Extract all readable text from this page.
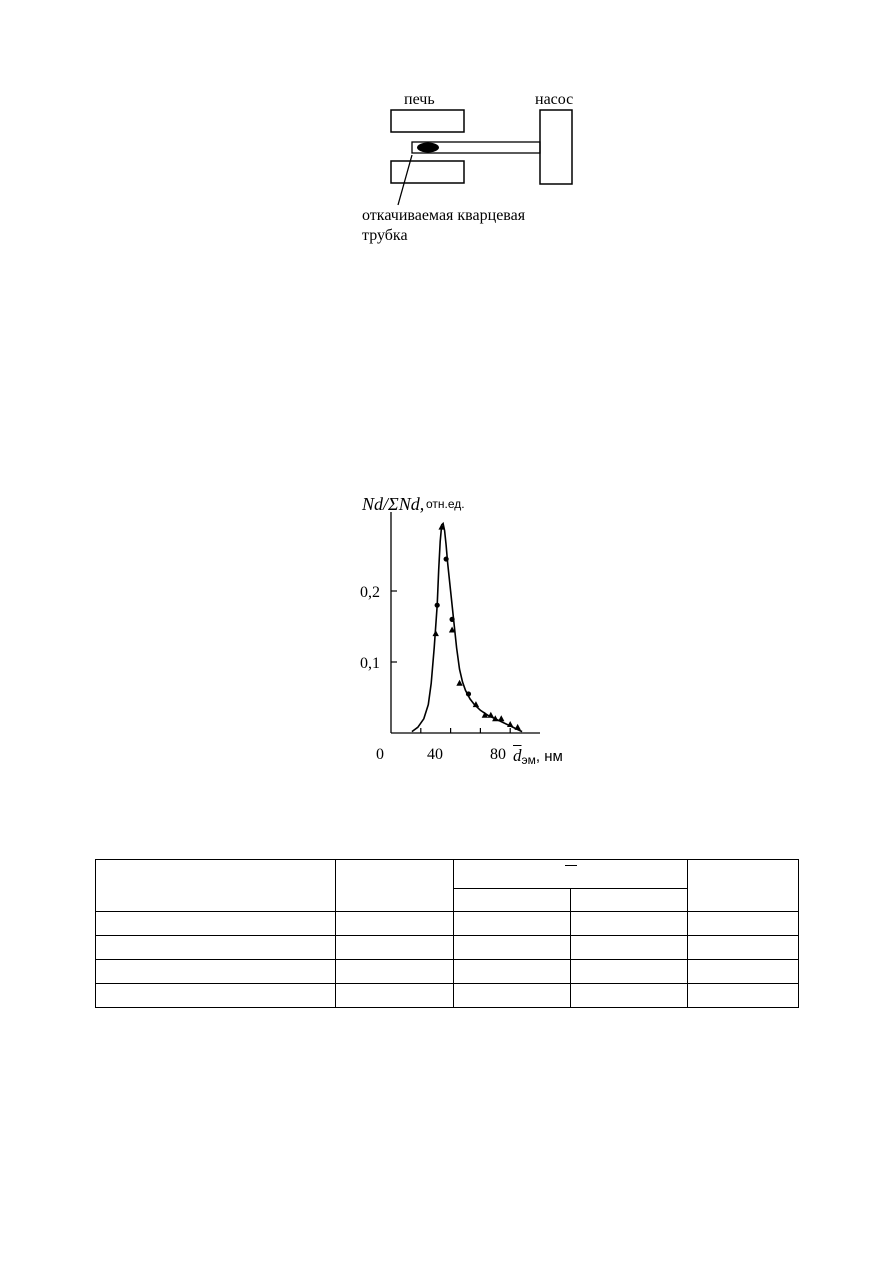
печь	насос
откачиваемая кварцевая
трубка
Nd/ΣNd, отн.ед.
0,2
0,1
0	40	80 $\overline{d}_{эм}$, нм
